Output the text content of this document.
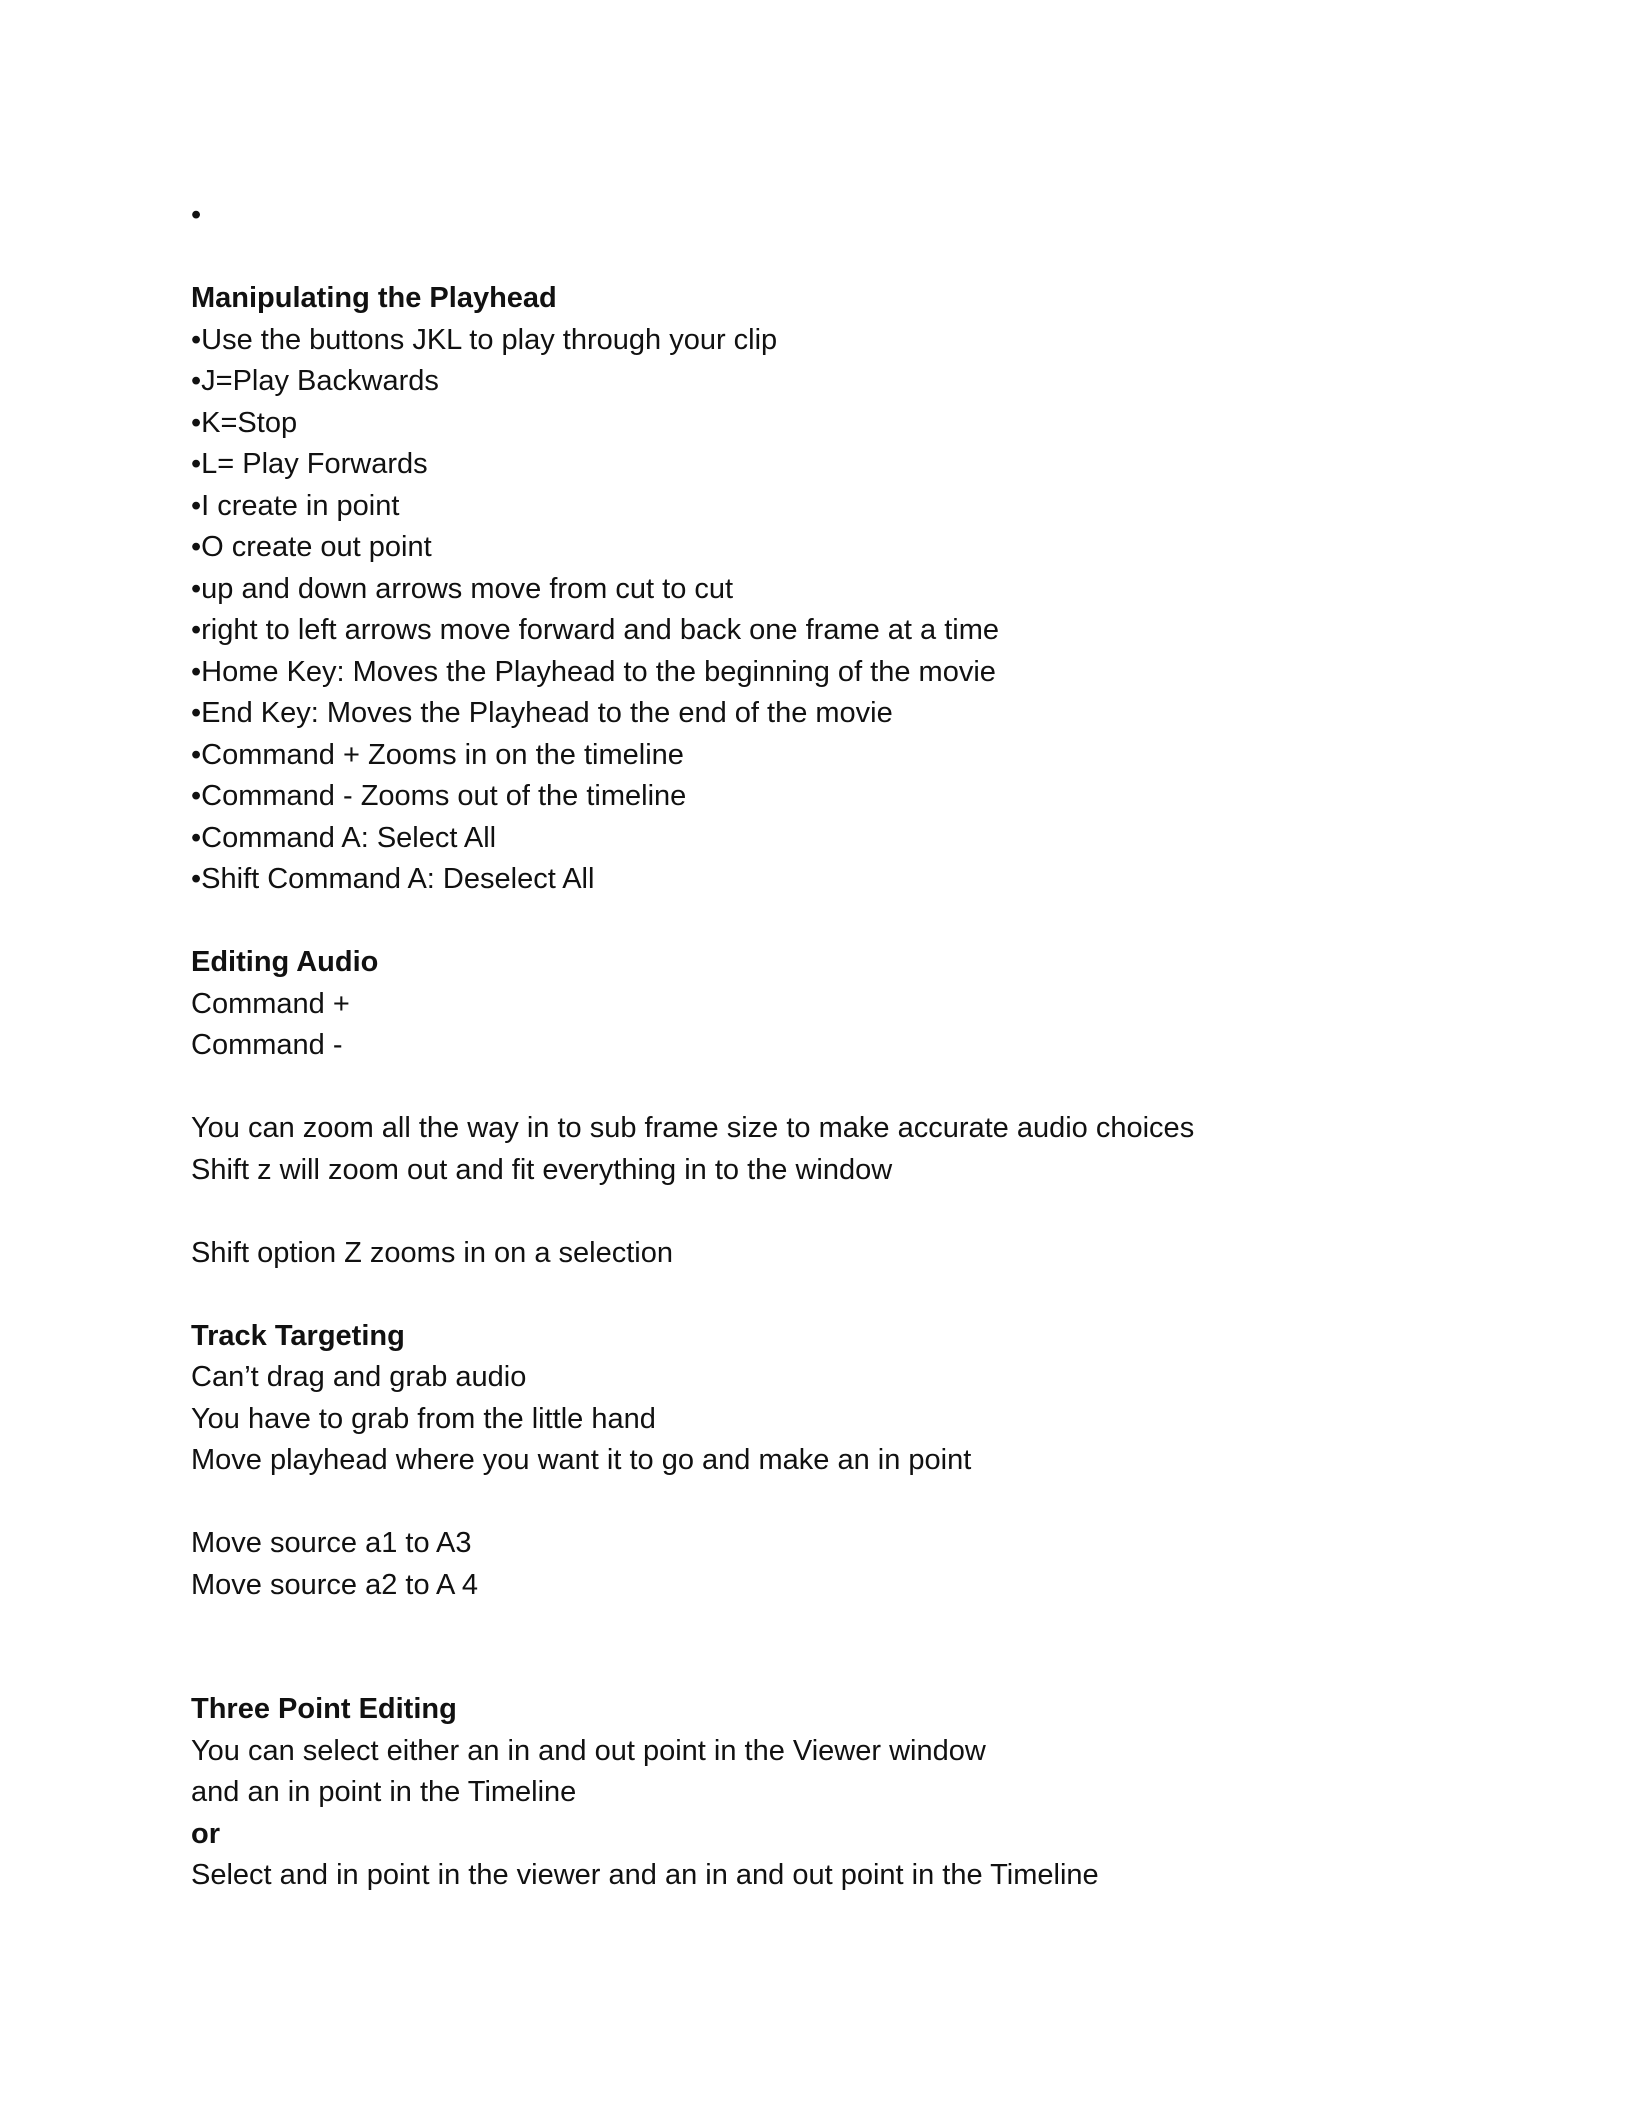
•
Manipulating the Playhead
•Use the buttons JKL to play through your clip
•J=Play Backwards
•K=Stop
•L= Play Forwards
•I create in point
•O create out point
•up and down arrows move from cut to cut
•right to left arrows move forward and back one frame at a time
•Home Key: Moves the Playhead to the beginning of the movie
•End Key: Moves the Playhead to the end of the movie
•Command + Zooms in on the timeline
•Command - Zooms out of the timeline
•Command A: Select All
•Shift Command A: Deselect All
Editing Audio
Command +
Command -
You can zoom all the way in to sub frame size to make accurate audio choices
Shift z will zoom out and fit everything in to the window
Shift option Z zooms in on a selection
Track Targeting
Can’t drag and grab audio
You have to grab from the little hand
Move playhead where you want it to go and make an in point
Move source a1 to A3
Move source a2 to A 4
Three Point Editing
You can select either an in and out point in the Viewer window
and an in point in the Timeline
or
Select and in point in the viewer and an in and out point in the Timeline
